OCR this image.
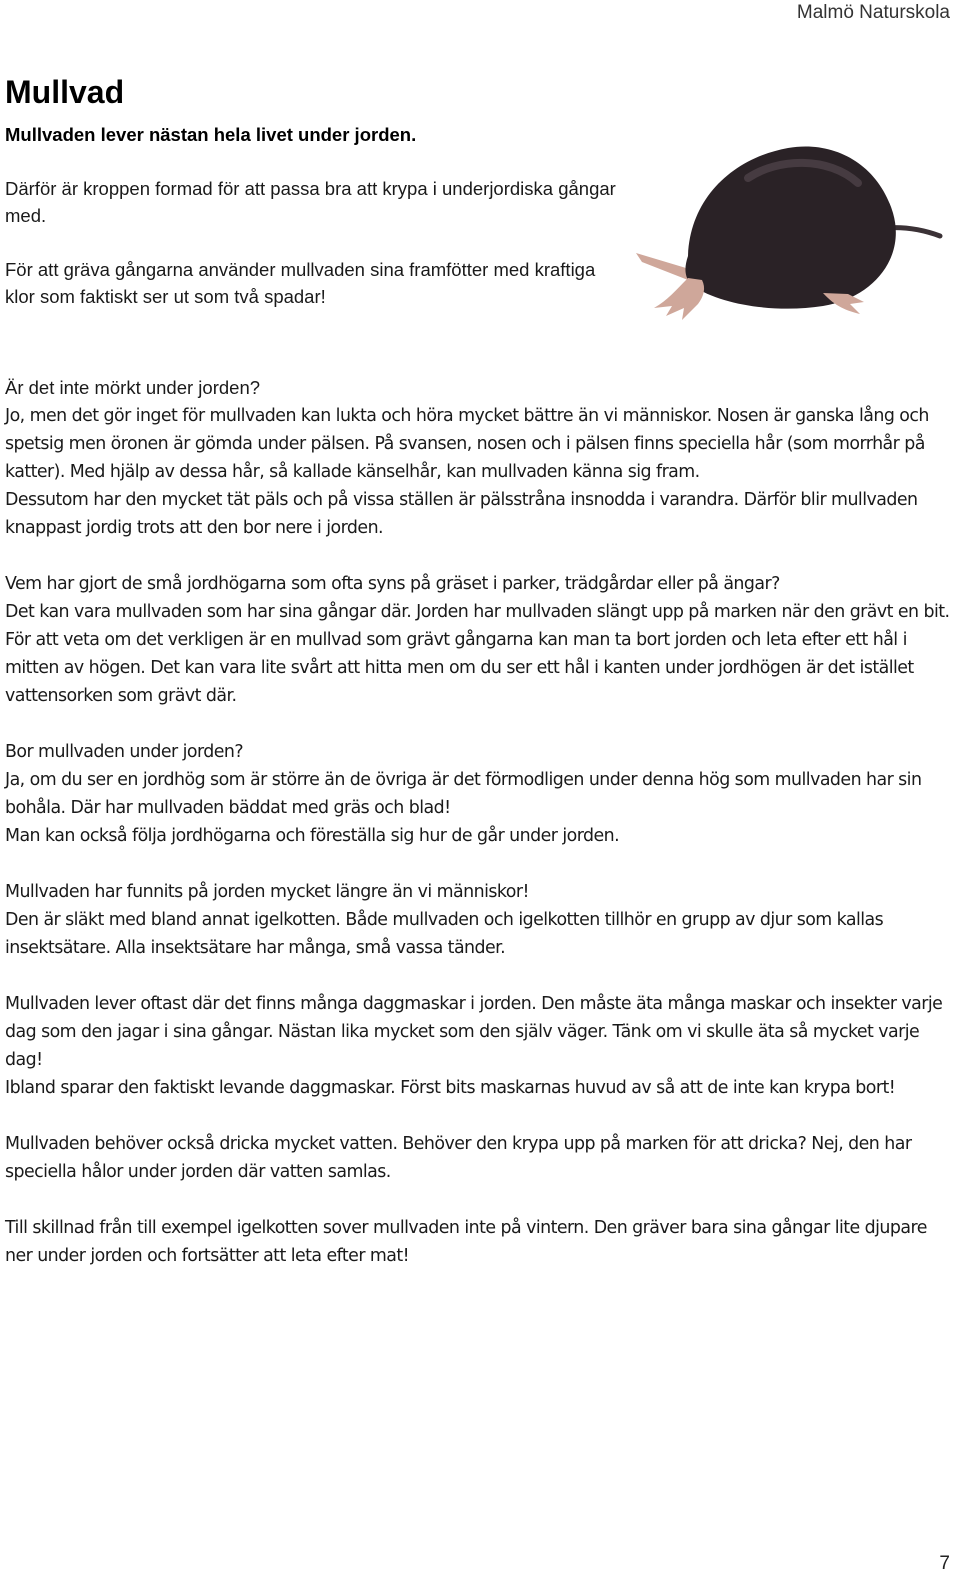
Malmö Naturskola
Mullvad

Mullvaden lever nästan hela livet under jorden.

Därför är kroppen formad för att passa bra att krypa i underjordiska gångar med.

För att gräva gångarna använder mullvaden sina framfötter med kraftiga klor som faktiskt ser ut som två spadar!

Är det inte mörkt under jorden?

Jo, men det gör inget för mullvaden kan lukta och höra mycket bättre än vi människor. Nosen är ganska lång och spetsig men öronen är gömda under pälsen. På svansen, nosen och i pälsen finns speciella hår (som morrhår på katter). Med hjälp av dessa hår, så kallade känselhår, kan mullvaden känna sig fram.

Dessutom har den mycket tät päls och på vissa ställen är pälsstråna insnodda i varandra. Därför blir mullvaden knappast jordig trots att den bor nere i jorden.

Vem har gjort de små jordhögarna som ofta syns på gräset i parker, trädgårdar eller på ängar?

Det kan vara mullvaden som har sina gångar där. Jorden har mullvaden slängt upp på marken när den grävt en bit.

För att veta om det verkligen är en mullvad som grävt gångarna kan man ta bort jorden och leta efter ett hål i mitten av högen. Det kan vara lite svårt att hitta men om du ser ett hål i kanten under jordhögen är det istället vattensorken som grävt där.

Bor mullvaden under jorden?

Ja, om du ser en jordhög som är större än de övriga är det förmodligen under denna hög som mullvaden har sin bohåla. Där har mullvaden bäddat med gräs och blad!

Man kan också följa jordhögarna och föreställa sig hur de går under jorden.

Mullvaden har funnits på jorden mycket längre än vi människor!

Den är släkt med bland annat igelkotten. Både mullvaden och igelkotten tillhör en grupp av djur som kallas insektsätare. Alla insektsätare har många, små vassa tänder.

Mullvaden lever oftast där det finns många daggmaskar i jorden. Den måste äta många maskar och insekter varje dag som den jagar i sina gångar. Nästan lika mycket som den själv väger. Tänk om vi skulle äta så mycket varje dag!

Ibland sparar den faktiskt levande daggmaskar. Först bits maskarnas huvud av så att de inte kan krypa bort!

Mullvaden behöver också dricka mycket vatten. Behöver den krypa upp på marken för att dricka? Nej, den har speciella hålor under jorden där vatten samlas.

Till skillnad från till exempel igelkotten sover mullvaden inte på vintern. Den gräver bara sina gångar lite djupare ner under jorden och fortsätter att leta efter mat!

7
